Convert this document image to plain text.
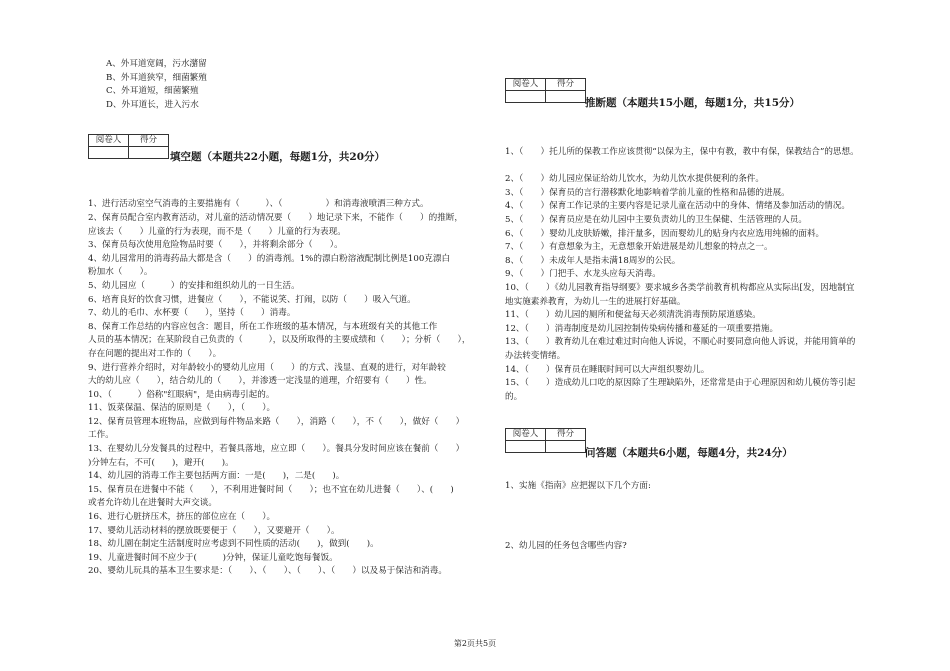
A、外耳道宽阔，污水潴留
B、外耳道狭窄，细菌繁殖
C、外耳道短，细菌繁殖
D、外耳道长，进入污水
阅卷人	得分

填空题（本题共22小题，每题1分，共20分）
1、进行活动室空气消毒的主要措施有（　　　）、（　　　　　）和消毒液喷洒三种方式。
2、保育员配合室内教育活动，对儿童的活动情况要（　　）地记录下来，不能作（　　）的推断，
应该去（　　）儿童的行为表现，而不是（　　）儿童的行为表现。
3、保育员每次使用危险物品时要（　　），并将剩余部分（　　）。
4、幼儿园常用的消毒药品大都是含（　　）的消毒剂。1%的漂白粉溶液配制比例是100克漂白
粉加水（　　）。
5、幼儿园应（　　　）的安排和组织幼儿的一日生活。
6、培育良好的饮食习惯，进餐应（　　），不能说笑、打闹，以防（　　）吸入气道。
7、幼儿的毛巾、水杯要（　　），坚持（　　）消毒。
8、保育工作总结的内容应包含：题目，所在工作班级的基本情况，与本班级有关的其他工作
人员的基本情况；在某阶段自己负责的（　　　），以及所取得的主要成绩和（　　）；分析（　　），
存在问题的提出对工作的（　　）。
9、进行营养介绍时，对年龄较小的婴幼儿应用（　　）的方式、浅显、直观的进行，对年龄较
大的幼儿应（　　），结合幼儿的（　　），并渗透一定浅显的道理，介绍要有（　　）性。
10、（　　　）俗称"红眼病"，是由病毒引起的。
11、饭菜保温、保洁的原则是（　　），（　　）。
12、保育员管理本班物品，应做到每件物品来路（　　），消路（　　），不（　　），做好（　　）
工作。
13、在婴幼儿分发餐具的过程中，若餐具落地，应立即（　　）。餐具分发时间应该在餐前（　　）
)分钟左右，不可(　　)，避开(　　)。
14、幼儿园的消毒工作主要包括两方面：一是(　　)，二是(　　)。
15、保育员在进餐中不能（　　），不利用进餐时间（　　）；也不宜在幼儿进餐（　　）、(　　)
或者允许幼儿在进餐时大声交谈。
16、进行心脏挤压术，挤压的部位应在（　　）。
17、婴幼儿活动材料的摆放既要便于（　　），又要避开（　　）。
18、幼儿園在制定生活制度时应考虑到不同性质的活动(　　)，做到(　　)。
19、儿童进餐时间不应少于(　　　)分钟，保证儿童吃饱每餐饭。
20、婴幼儿玩具的基本卫生要求是：（　　）、（　　）、（　　）、（　　）以及易于保洁和消毒。
阅卷人	得分

推断题（本题共15小题，每题1分，共15分）
1、（　　）托儿所的保教工作应该贯彻“以保为主，保中有教，教中有保，保教结合”的思想。

2、（　　）幼儿园应保证给幼儿饮水，为幼儿饮水提供便利的条件。
3、（　　）保育员的言行潜移默化地影响着学前儿童的性格和品德的进展。
4、（　　）保育工作记录的主要内容是记录儿童在活动中的身体、情绪及参加活动的情况。
5、（　　）保育员应是在幼儿园中主要负责幼儿的卫生保健、生活管理的人员。
6、（　　）婴幼儿皮肤娇嫩，排汗量多，因而婴幼儿的贴身内衣应选用纯棉的面料。
7、（　　）有意想象为主，无意想象开始进展是幼儿想象的特点之一。
8、（　　）未成年人是指未满18周岁的公民。
9、（　　）门把手、水龙头应每天消毒。
10、（　　）《幼儿园教育指导纲要》要求城乡各类学前教育机构都应从实际出[发，因地制宜
地实施素养教育，为幼儿一生的进展打好基础。
11、（　　）幼儿园的厕所和便盆每天必须清洗消毒预防尿道感染。
12、（　　）消毒制度是幼儿园控制传染病传播和蔓延的一项重要措施。
13、（　　）教育幼儿在难过难过时向他人诉说，不顺心时要同意向他人诉说，并能用简单的
办法转变情绪。
14、（　　）保育员在睡眠时间可以大声组织婴幼儿。
15、（　　）造成幼儿口吃的原因除了生理缺陷外，还常常是由于心理原因和幼儿模仿等引起
的。
阅卷人	得分

问答题（本题共6小题，每题4分，共24分）
1、实施《指南》应把握以下几个方面:
2、幼儿园的任务包含哪些内容?
第2页共5页
